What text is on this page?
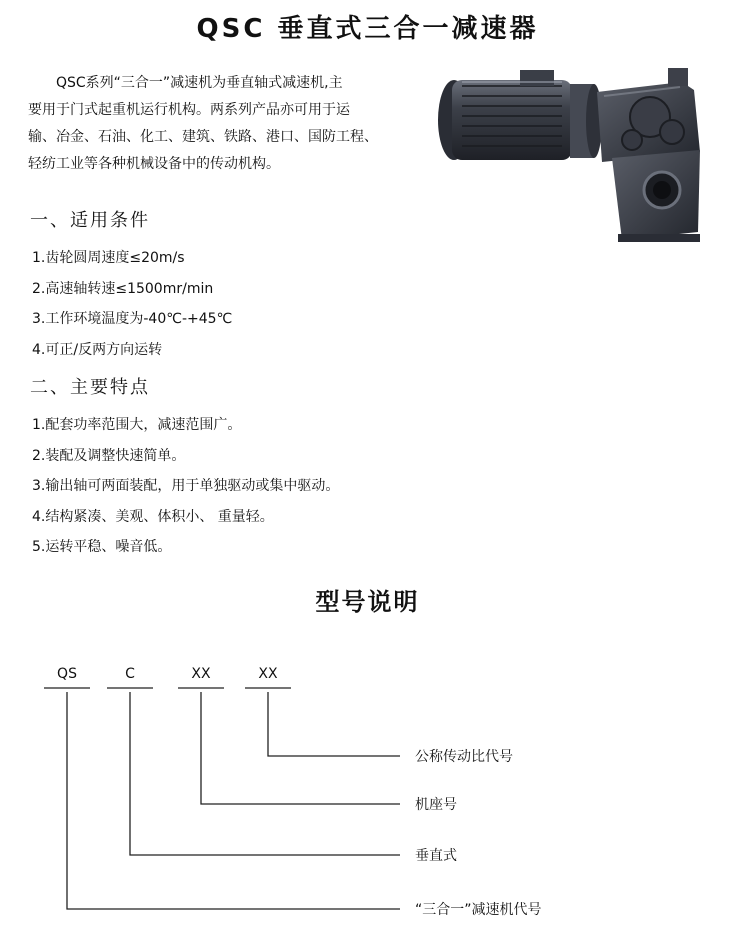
QSC 垂直式三合一减速器

QSC系列“三合一”减速机为垂直轴式减速机,主

要用于门式起重机运行机构。两系列产品亦可用于运

输、冶金、石油、化工、建筑、铁路、港口、国防工程、

轻纺工业等各种机械设备中的传动机构。

一、适用条件
1.齿轮圆周速度≤20m/s
2.高速轴转速≤1500mr/min
3.工作环境温度为-40℃-+45℃
4.可正/反两方向运转
二、主要特点
1.配套功率范围大，减速范围广。
2.装配及调整快速简单。
3.输出轴可两面装配，用于单独驱动或集中驱动。
4.结构紧凑、美观、体积小、 重量轻。
5.运转平稳、噪音低。
型号说明
QS	C	XX	XX
公称传动比代号
机座号
垂直式
“三合一”减速机代号
